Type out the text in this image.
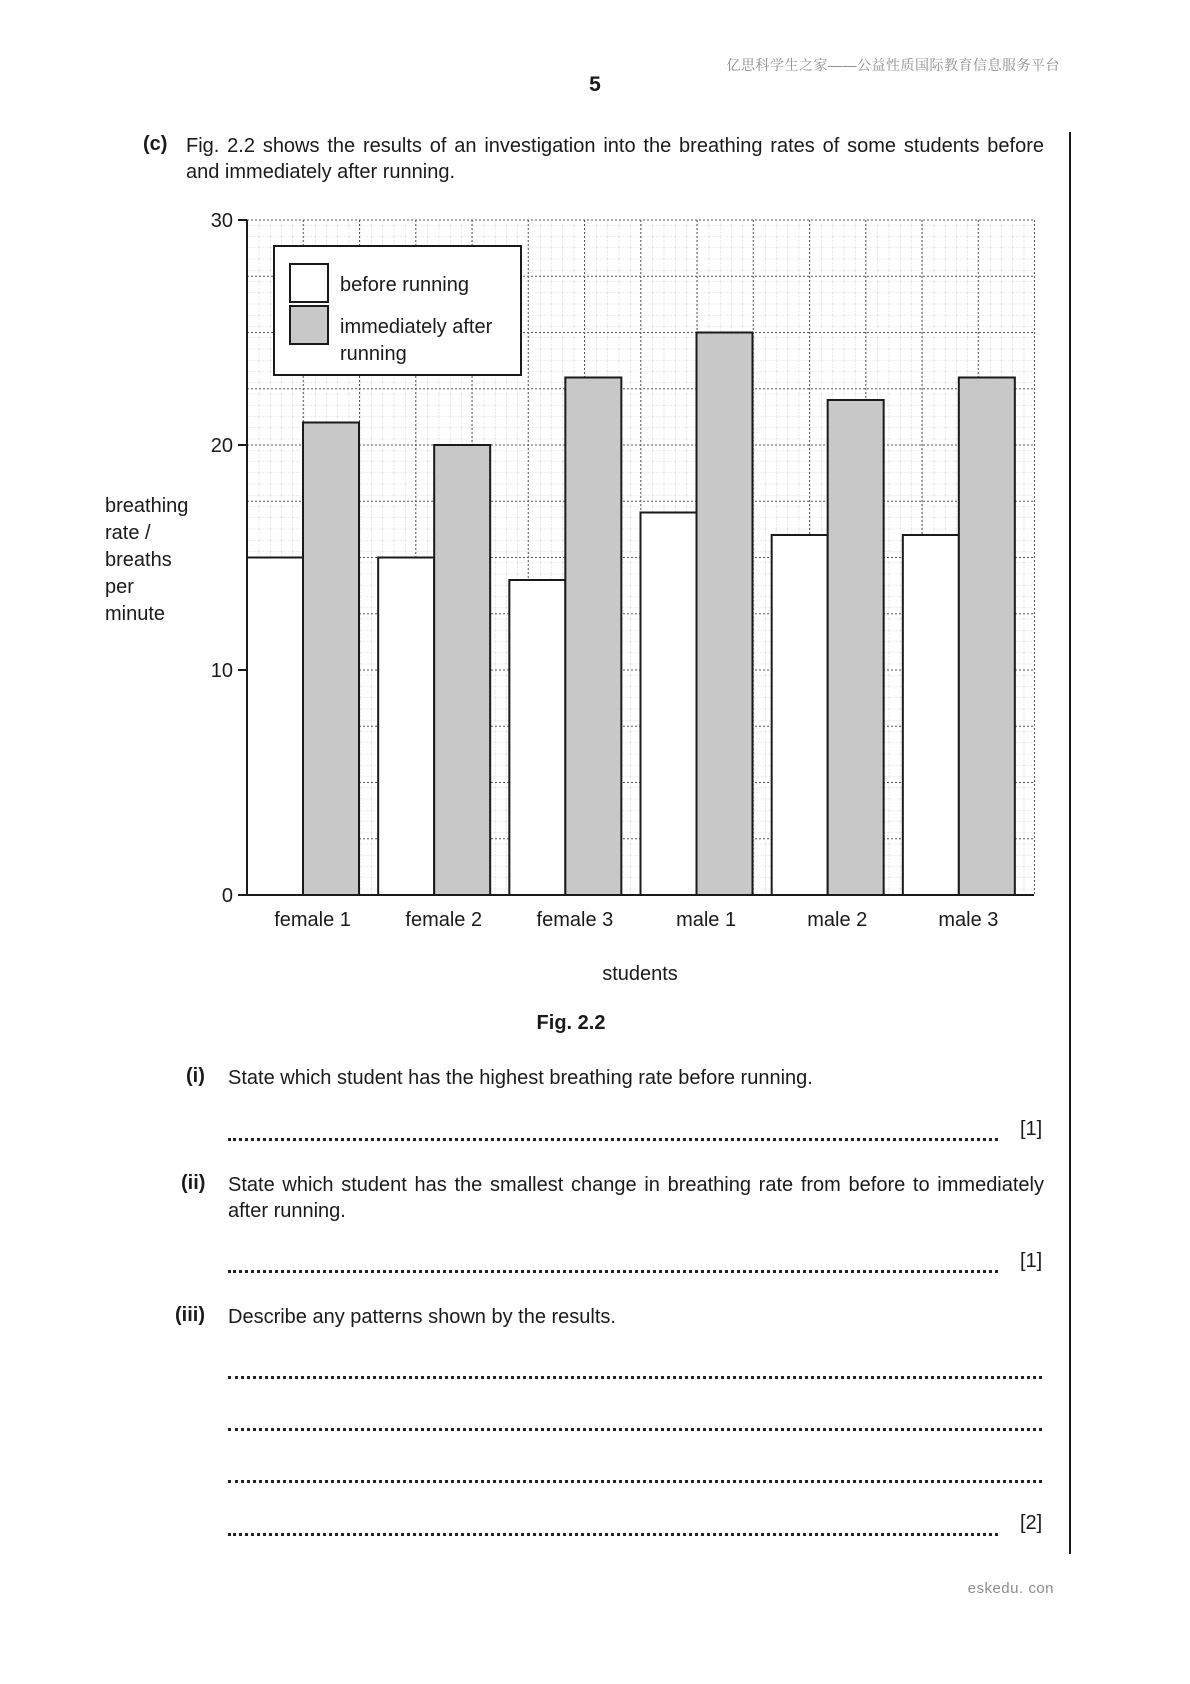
亿思科学生之家——公益性质国际教育信息服务平台
5
(c) Fig. 2.2 shows the results of an investigation into the breathing rates of some students before and immediately after running.
0
10
20
30
female 1	female 2	female 3	male 1	male 2	male 3
students
breathing
rate /
breaths
per
minute
before running
immediately after
running
Fig. 2.2
(i) State which student has the highest breathing rate before running.
[1]
(ii) State which student has the smallest change in breathing rate from before to immediately after running.
[1]
(iii) Describe any patterns shown by the results.
[2]
eskedu. con
